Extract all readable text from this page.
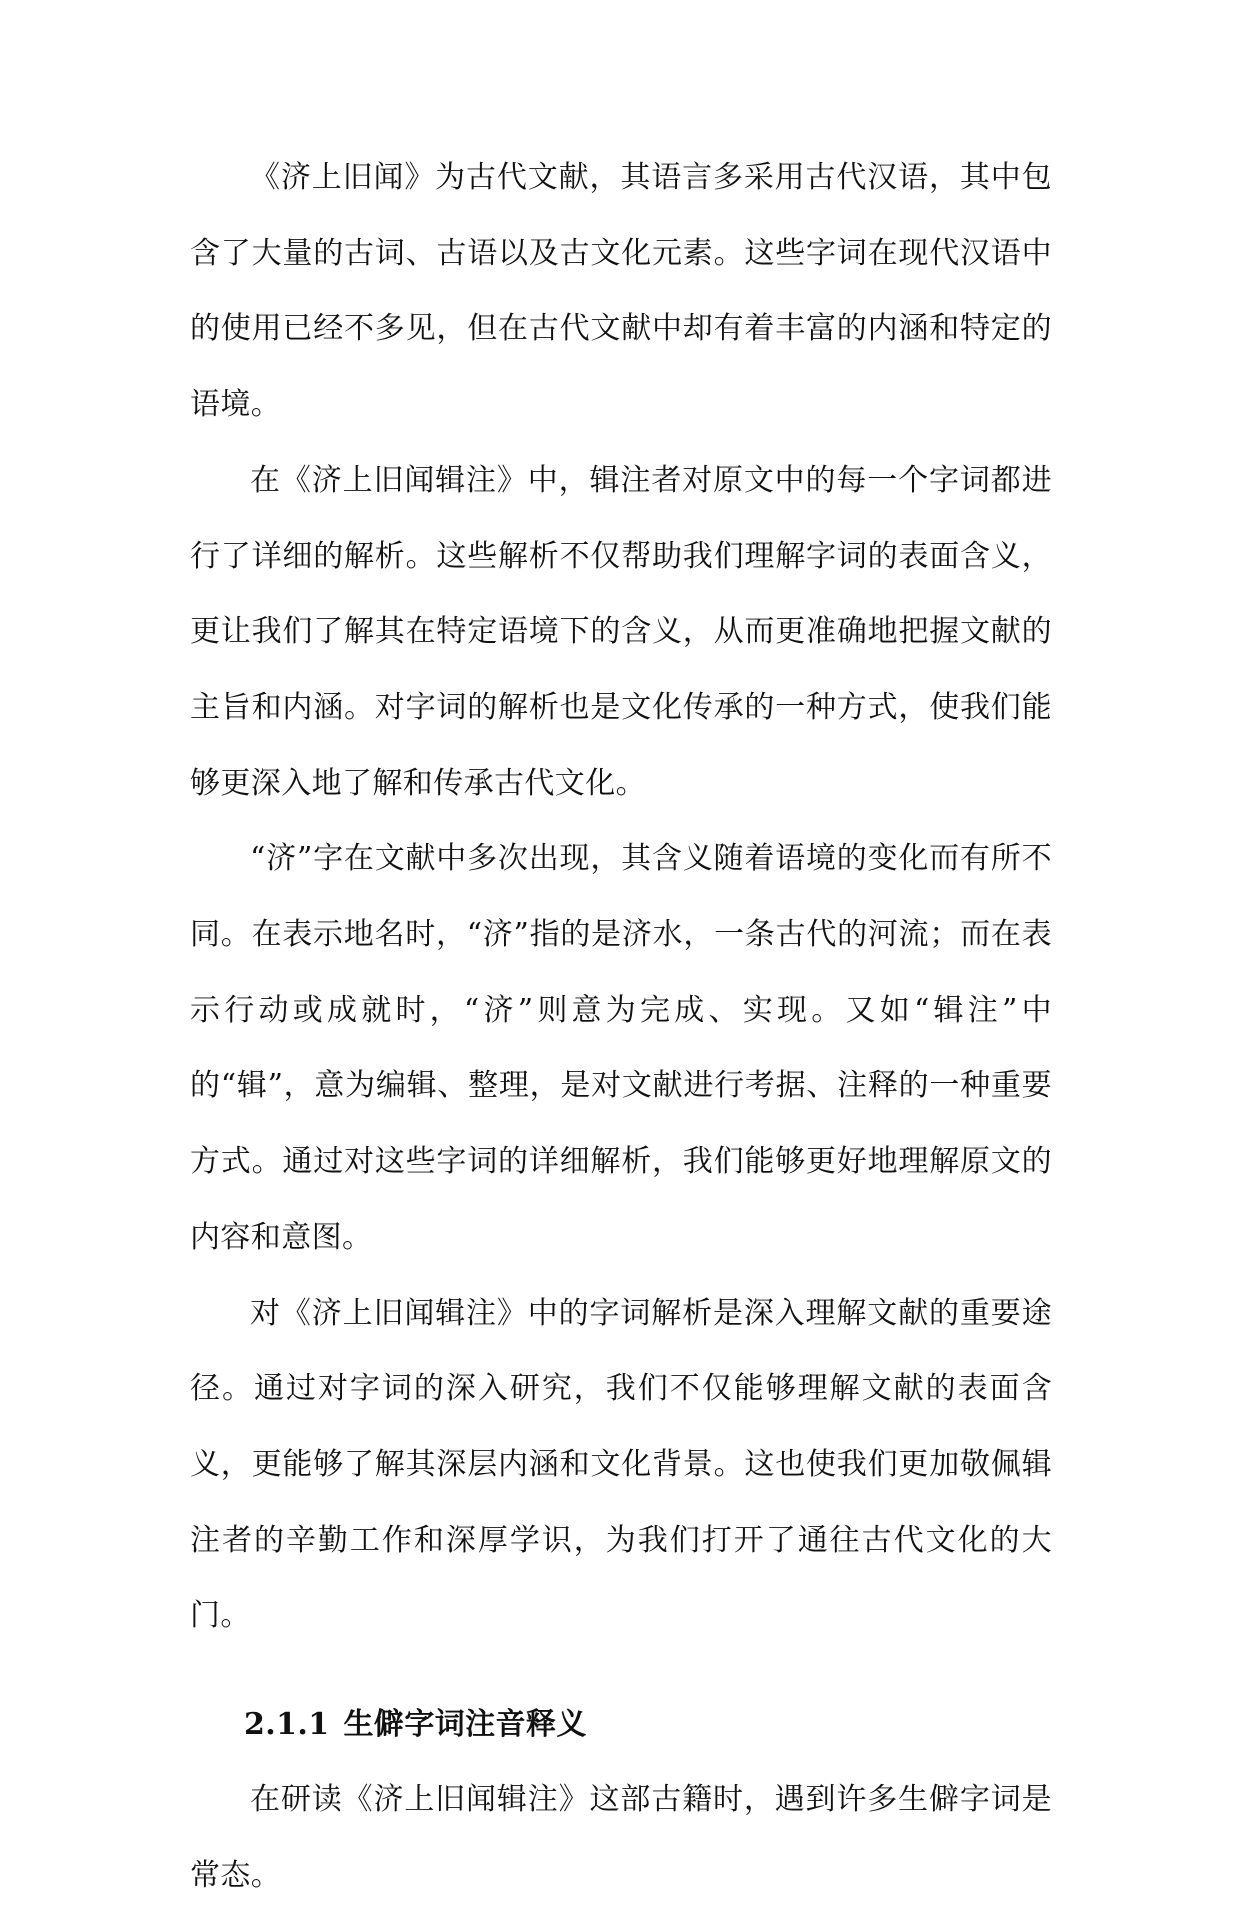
《济上旧闻》为古代文献，其语言多采用古代汉语，其中包含了大量的古词、古语以及古文化元素。这些字词在现代汉语中的使用已经不多见，但在古代文献中却有着丰富的内涵和特定的语境。

在《济上旧闻辑注》中，辑注者对原文中的每一个字词都进行了详细的解析。这些解析不仅帮助我们理解字词的表面含义，更让我们了解其在特定语境下的含义，从而更准确地把握文献的主旨和内涵。对字词的解析也是文化传承的一种方式，使我们能够更深入地了解和传承古代文化。

“济”字在文献中多次出现，其含义随着语境的变化而有所不同。在表示地名时，“济”指的是济水，一条古代的河流；而在表示行动或成就时，“济”则意为完成、实现。又如“辑注”中的“辑”，意为编辑、整理，是对文献进行考据、注释的一种重要方式。通过对这些字词的详细解析，我们能够更好地理解原文的内容和意图。

对《济上旧闻辑注》中的字词解析是深入理解文献的重要途径。通过对字词的深入研究，我们不仅能够理解文献的表面含义，更能够了解其深层内涵和文化背景。这也使我们更加敬佩辑注者的辛勤工作和深厚学识，为我们打开了通往古代文化的大门。

2.1.1 生僻字词注音释义

在研读《济上旧闻辑注》这部古籍时，遇到许多生僻字词是常态。
